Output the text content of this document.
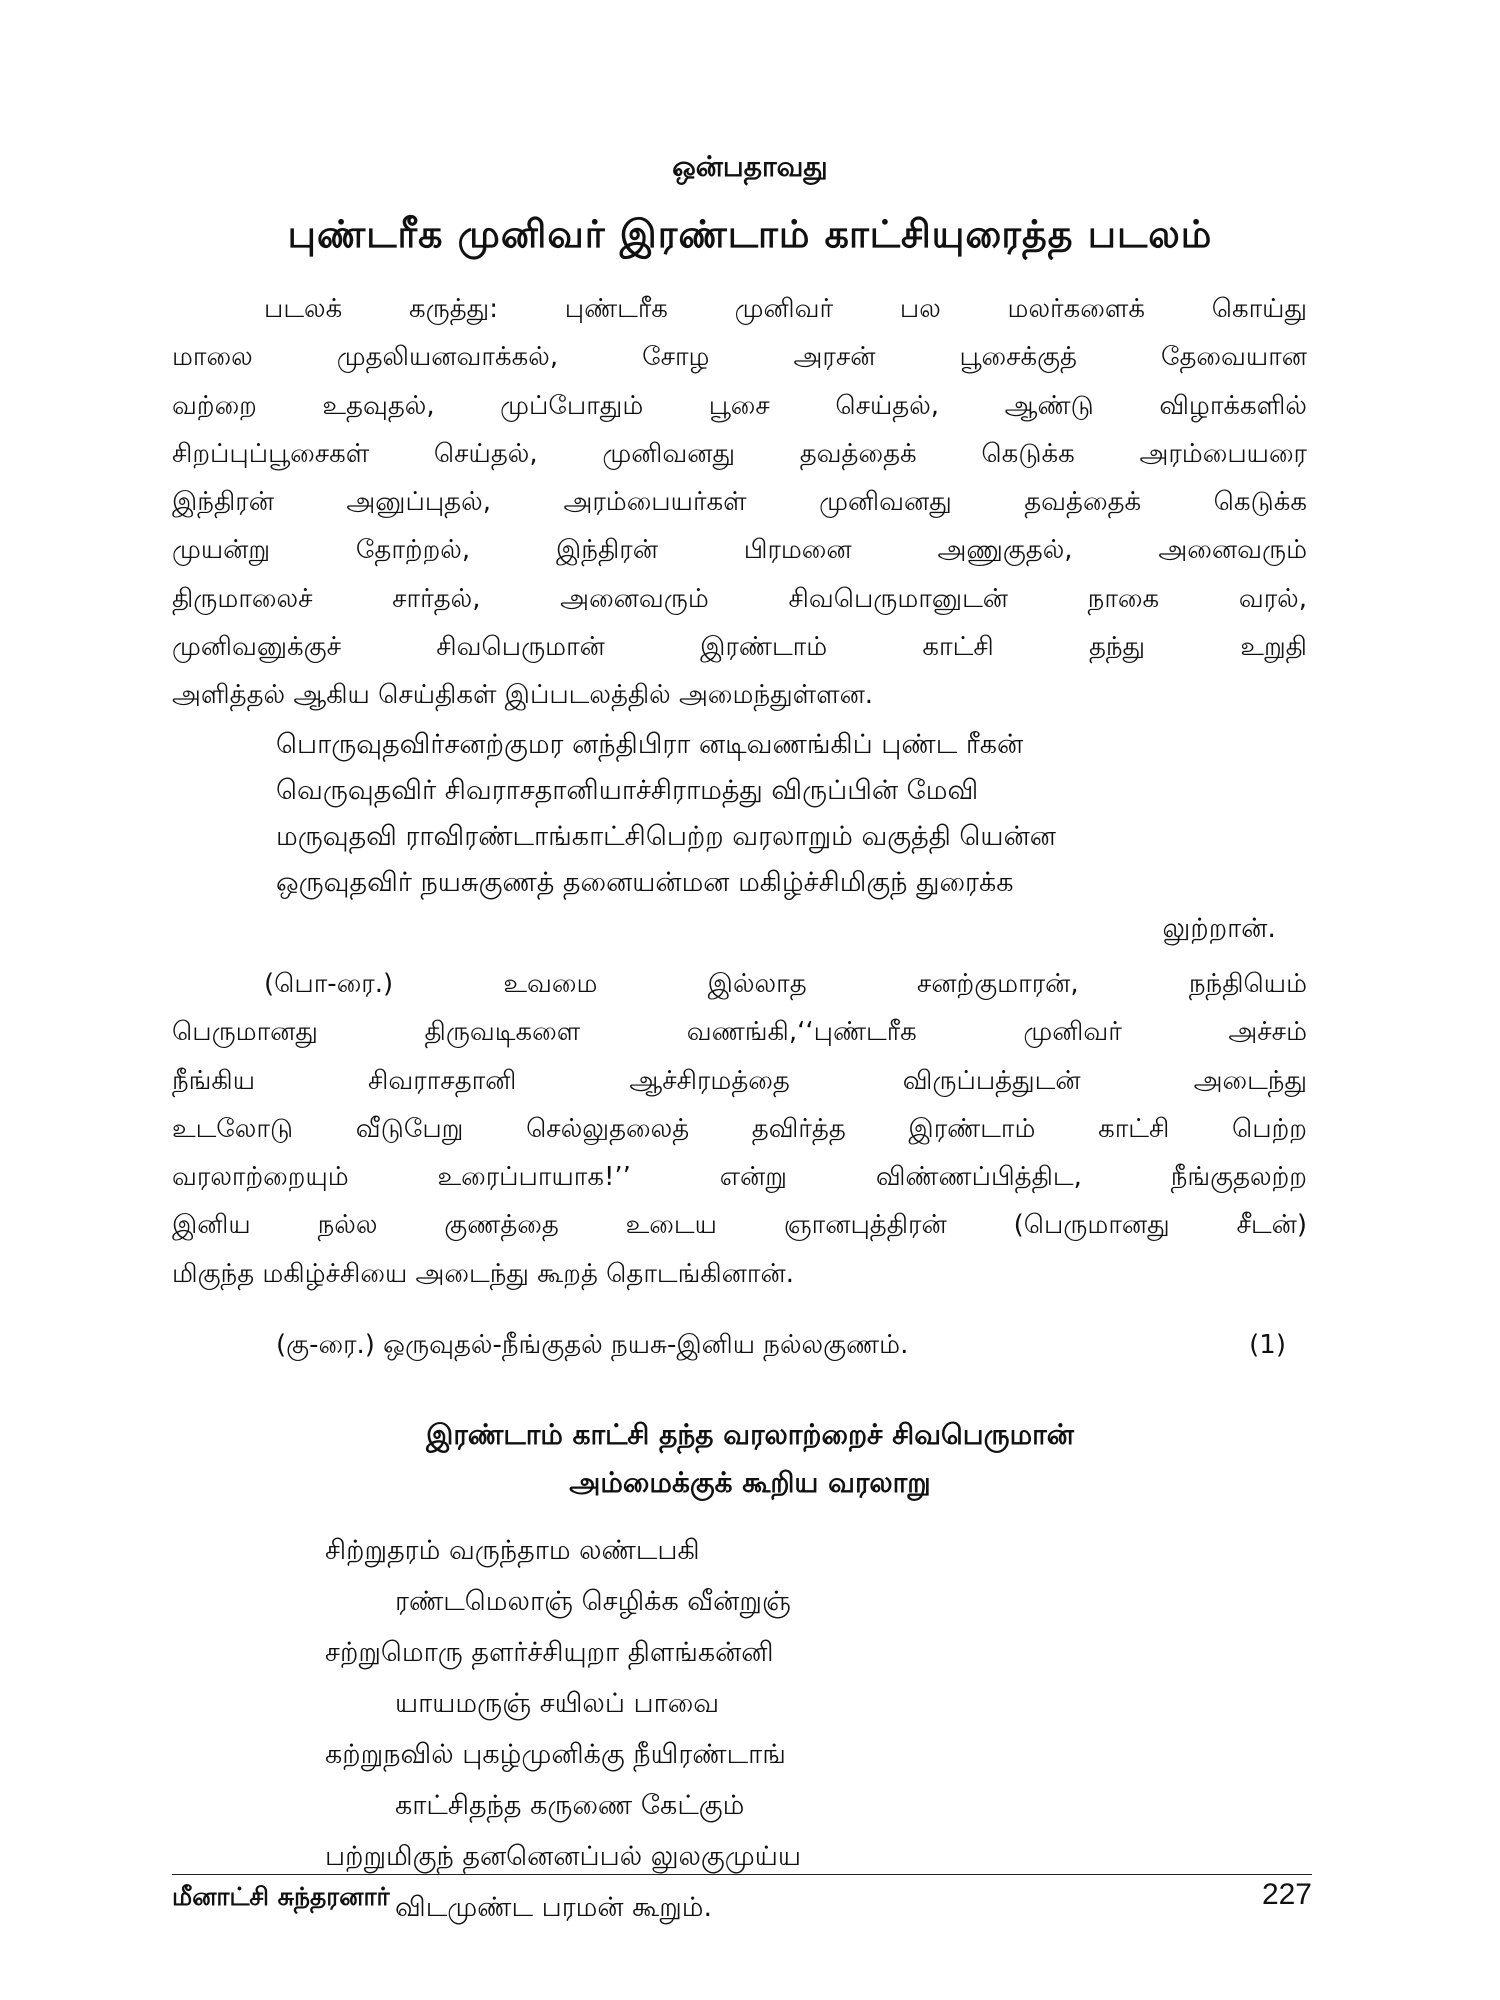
ஒன்பதாவது
புண்டரீக முனிவர் இரண்டாம் காட்சியுரைத்த படலம்
படலக் கருத்து: புண்டரீக முனிவர் பல மலர்களைக் கொய்து
மாலை முதலியனவாக்கல், சோழ அரசன் பூசைக்குத் தேவையான
வற்றை உதவுதல், முப்போதும் பூசை செய்தல், ஆண்டு விழாக்களில்
சிறப்புப்பூசைகள் செய்தல், முனிவனது தவத்தைக் கெடுக்க அரம்பையரை
இந்திரன் அனுப்புதல், அரம்பையர்கள் முனிவனது தவத்தைக் கெடுக்க
முயன்று தோற்றல், இந்திரன் பிரமனை அணுகுதல், அனைவரும்
திருமாலைச் சார்தல், அனைவரும் சிவபெருமானுடன் நாகை வரல்,
முனிவனுக்குச் சிவபெருமான் இரண்டாம் காட்சி தந்து உறுதி
அளித்தல் ஆகிய செய்திகள் இப்படலத்தில் அமைந்துள்ளன.
பொருவுதவிர்சனற்குமர னந்திபிரா னடிவணங்கிப் புண்ட ரீகன்
வெருவுதவிர் சிவராசதானியாச்சிராமத்து விருப்பின் மேவி
மருவுதவி ராவிரண்டாங்காட்சிபெற்ற வரலாறும் வகுத்தி யென்ன
ஒருவுதவிர் நயசுகுணத் தனையன்மன மகிழ்ச்சிமிகுந் துரைக்க
லுற்றான்.
(பொ-ரை.) உவமை இல்லாத சனற்குமாரன், நந்தியெம்
பெருமானது திருவடிகளை வணங்கி,‘‘புண்டரீக முனிவர் அச்சம்
நீங்கிய சிவராசதானி ஆச்சிரமத்தை விருப்பத்துடன் அடைந்து
உடலோடு வீடுபேறு செல்லுதலைத் தவிர்த்த இரண்டாம் காட்சி பெற்ற
வரலாற்றையும் உரைப்பாயாக!’’ என்று விண்ணப்பித்திட, நீங்குதலற்ற
இனிய நல்ல குணத்தை உடைய ஞானபுத்திரன் (பெருமானது சீடன்)
மிகுந்த மகிழ்ச்சியை அடைந்து கூறத் தொடங்கினான்.
(கு-ரை.) ஒருவுதல்-நீங்குதல் நயசு-இனிய நல்லகுணம்.	(1)
இரண்டாம் காட்சி தந்த வரலாற்றைச் சிவபெருமான்
அம்மைக்குக் கூறிய வரலாறு
சிற்றுதரம் வருந்தாம லண்டபகி
ரண்டமெலாஞ் செழிக்க வீன்றுஞ்
சற்றுமொரு தளர்ச்சியுறா திளங்கன்னி
யாயமருஞ் சயிலப் பாவை
கற்றுநவில் புகழ்முனிக்கு நீயிரண்டாங்
காட்சிதந்த கருணை கேட்கும்
பற்றுமிகுந் தனனெனப்பல் லுலகுமுய்ய
விடமுண்ட பரமன் கூறும்.
மீனாட்சி சுந்தரனார்	227
